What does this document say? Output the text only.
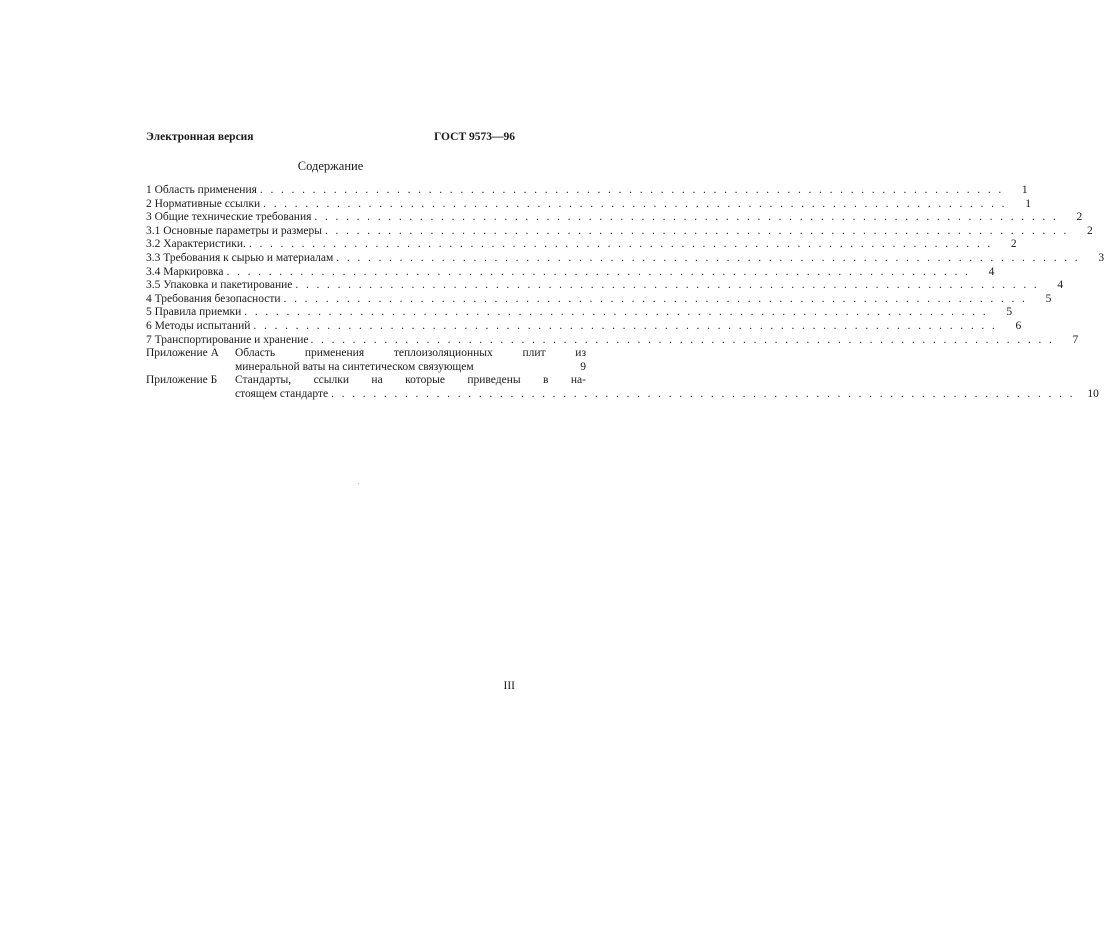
Электронная версия	ГОСТ 9573—96
Содержание
1 Область применения . . .	1
2 Нормативные ссылки . . .	1
3 Общие технические требования . . .	2
3.1 Основные параметры и размеры . . .	2
3.2 Характеристики. . . .	2
3.3 Требования к сырью и материалам . . .	3
3.4 Маркировка . . .	4
3.5 Упаковка и пакетирование . . .	4
4 Требования безопасности . . .	5
5 Правила приемки . . .	5
6 Методы испытаний . . .	6
7 Транспортирование и хранение . . .	7
Приложение А	Область применения теплоизоляционных плит из
минеральной ваты на синтетическом связующем	9
Приложение Б	Стандарты, ссылки на которые приведены в на-
стоящем стандарте . . .	10
III
